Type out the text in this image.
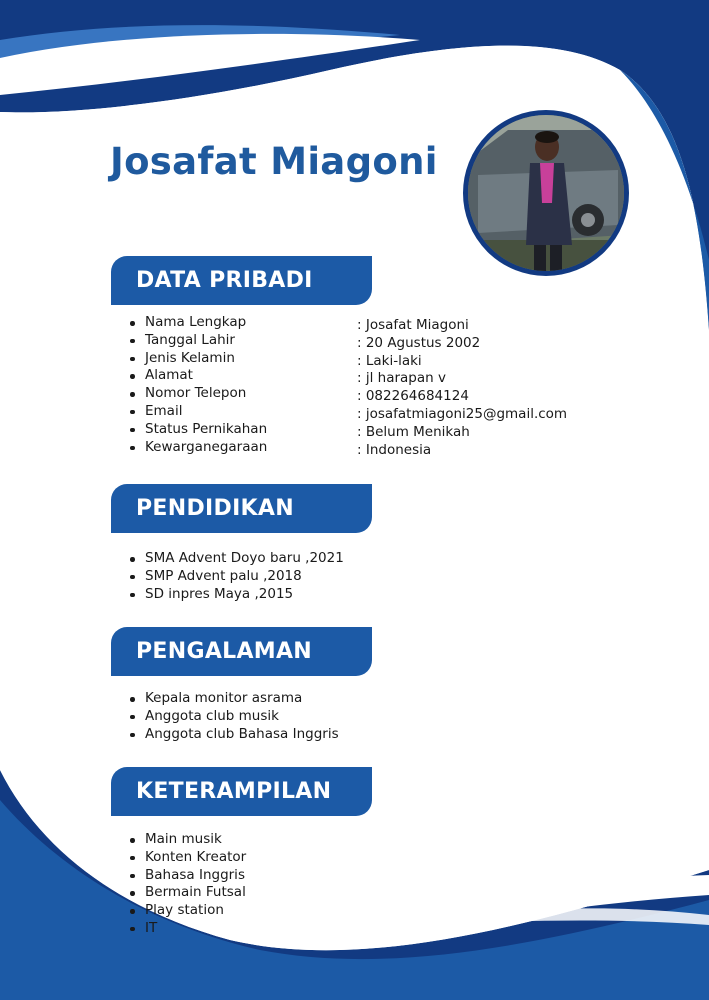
Josafat Miagoni
DATA PRIBADI
Nama Lengkap
Tanggal Lahir
Jenis Kelamin
Alamat
Nomor Telepon
Email
Status Pernikahan
Kewarganegaraan
: Josafat Miagoni
: 20 Agustus 2002
: Laki-laki
: jl harapan v
: 082264684124
: josafatmiagoni25@gmail.com
: Belum Menikah
: Indonesia
PENDIDIKAN
SMA Advent Doyo baru ,2021
SMP Advent palu ,2018
SD inpres Maya ,2015
PENGALAMAN
Kepala monitor asrama
Anggota club musik
Anggota club Bahasa Inggris
KETERAMPILAN
Main musik
Konten Kreator
Bahasa Inggris
Bermain Futsal
Play station
IT
